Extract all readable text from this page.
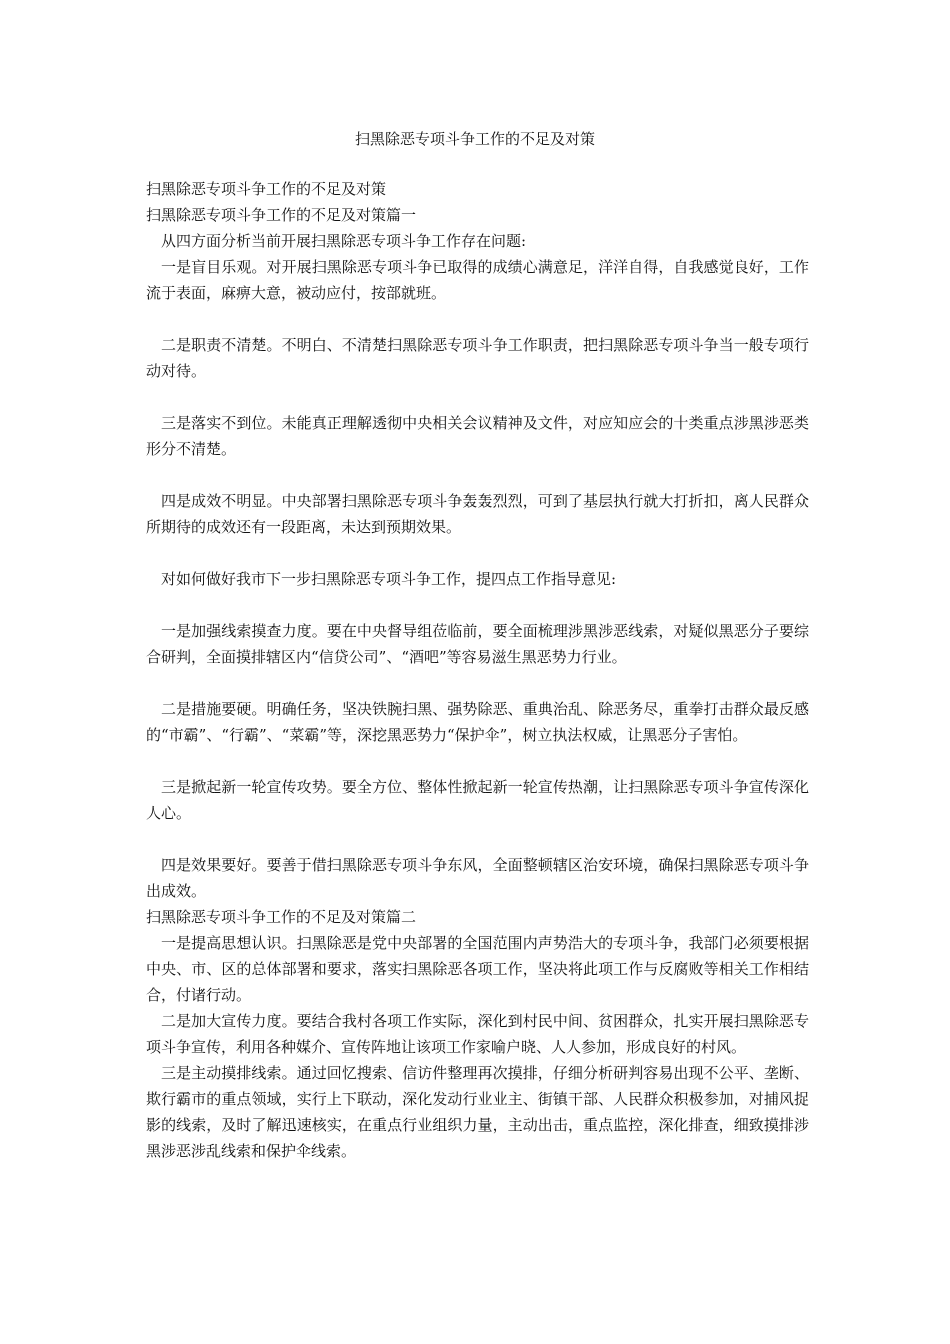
扫黑除恶专项斗争工作的不足及对策

扫黑除恶专项斗争工作的不足及对策

扫黑除恶专项斗争工作的不足及对策篇一

从四方面分析当前开展扫黑除恶专项斗争工作存在问题:

一是盲目乐观。对开展扫黑除恶专项斗争已取得的成绩心满意足，洋洋自得，自我感觉良好，工作流于表面，麻痹大意，被动应付，按部就班。

二是职责不清楚。不明白、不清楚扫黑除恶专项斗争工作职责，把扫黑除恶专项斗争当一般专项行动对待。

三是落实不到位。未能真正理解透彻中央相关会议精神及文件，对应知应会的十类重点涉黑涉恶类形分不清楚。

四是成效不明显。中央部署扫黑除恶专项斗争轰轰烈烈，可到了基层执行就大打折扣，离人民群众所期待的成效还有一段距离，未达到预期效果。

对如何做好我市下一步扫黑除恶专项斗争工作，提四点工作指导意见:

一是加强线索摸查力度。要在中央督导组莅临前，要全面梳理涉黑涉恶线索，对疑似黑恶分子要综合研判，全面摸排辖区内“信贷公司”、“酒吧”等容易滋生黑恶势力行业。

二是措施要硬。明确任务，坚决铁腕扫黑、强势除恶、重典治乱、除恶务尽，重拳打击群众最反感的“市霸”、“行霸”、“菜霸”等，深挖黑恶势力“保护伞”，树立执法权威，让黑恶分子害怕。

三是掀起新一轮宣传攻势。要全方位、整体性掀起新一轮宣传热潮，让扫黑除恶专项斗争宣传深化人心。

四是效果要好。要善于借扫黑除恶专项斗争东风，全面整顿辖区治安环境，确保扫黑除恶专项斗争出成效。

扫黑除恶专项斗争工作的不足及对策篇二

一是提高思想认识。扫黑除恶是党中央部署的全国范围内声势浩大的专项斗争，我部门必须要根据中央、市、区的总体部署和要求，落实扫黑除恶各项工作，坚决将此项工作与反腐败等相关工作相结合，付诸行动。

二是加大宣传力度。要结合我村各项工作实际，深化到村民中间、贫困群众，扎实开展扫黑除恶专项斗争宣传，利用各种媒介、宣传阵地让该项工作家喻户晓、人人参加，形成良好的村风。

三是主动摸排线索。通过回忆搜索、信访件整理再次摸排，仔细分析研判容易出现不公平、垄断、欺行霸市的重点领域，实行上下联动，深化发动行业业主、街镇干部、人民群众积极参加，对捕风捉影的线索，及时了解迅速核实，在重点行业组织力量，主动出击，重点监控，深化排查，细致摸排涉黑涉恶涉乱线索和保护伞线索。
